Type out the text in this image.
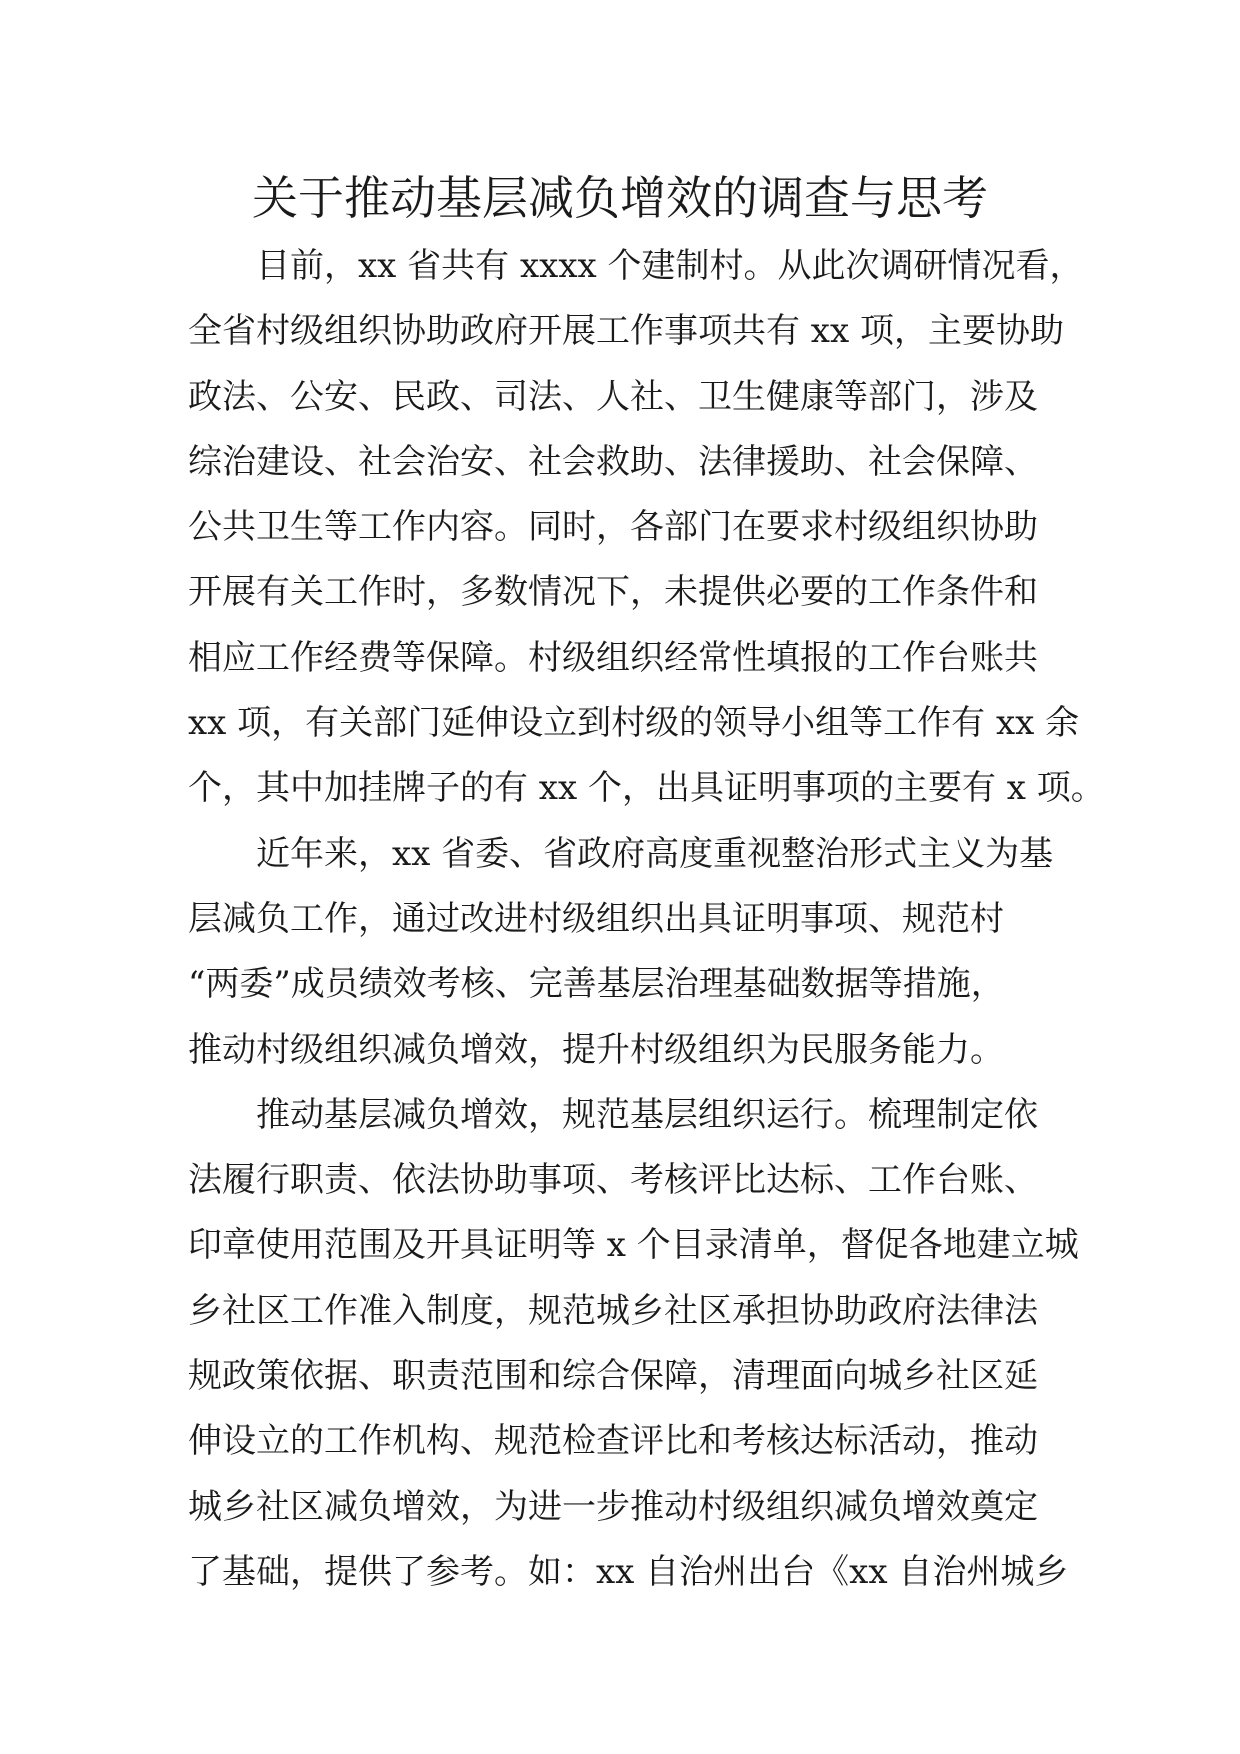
关于推动基层减负增效的调查与思考

目前，xx 省共有 xxxx 个建制村。从此次调研情况看，
全省村级组织协助政府开展工作事项共有 xx 项，主要协助
政法、公安、民政、司法、人社、卫生健康等部门，涉及
综治建设、社会治安、社会救助、法律援助、社会保障、
公共卫生等工作内容。同时，各部门在要求村级组织协助
开展有关工作时，多数情况下，未提供必要的工作条件和
相应工作经费等保障。村级组织经常性填报的工作台账共
xx 项，有关部门延伸设立到村级的领导小组等工作有 xx 余
个，其中加挂牌子的有 xx 个，出具证明事项的主要有 x 项。

近年来，xx 省委、省政府高度重视整治形式主义为基
层减负工作，通过改进村级组织出具证明事项、规范村
“两委”成员绩效考核、完善基层治理基础数据等措施，
推动村级组织减负增效，提升村级组织为民服务能力。

推动基层减负增效，规范基层组织运行。梳理制定依
法履行职责、依法协助事项、考核评比达标、工作台账、
印章使用范围及开具证明等 x 个目录清单，督促各地建立城
乡社区工作准入制度，规范城乡社区承担协助政府法律法
规政策依据、职责范围和综合保障，清理面向城乡社区延
伸设立的工作机构、规范检查评比和考核达标活动，推动
城乡社区减负增效，为进一步推动村级组织减负增效奠定
了基础，提供了参考。如：xx 自治州出台《xx 自治州城乡
